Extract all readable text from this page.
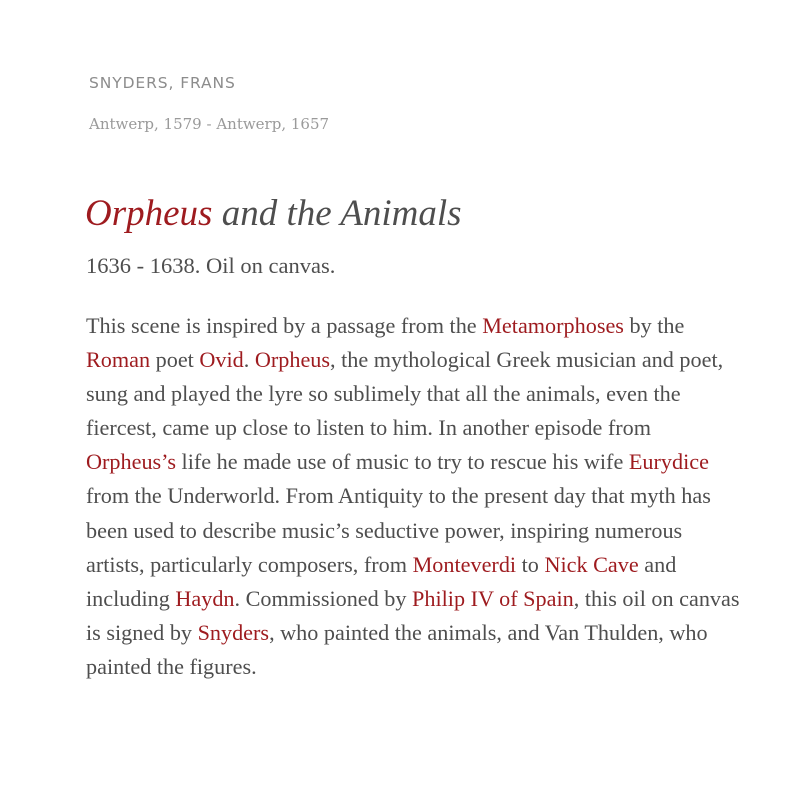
SNYDERS, FRANS
Antwerp, 1579 - Antwerp, 1657
Orpheus and the Animals
1636 - 1638. Oil on canvas.

This scene is inspired by a passage from the Metamorphoses by the Roman poet Ovid. Orpheus, the mythological Greek musician and poet, sung and played the lyre so sublimely that all the animals, even the fiercest, came up close to listen to him. In another episode from Orpheus’s life he made use of music to try to rescue his wife Eurydice from the Underworld. From Antiquity to the present day that myth has been used to describe music’s seductive power, inspiring numerous artists, particularly composers, from Monteverdi to Nick Cave and including Haydn. Commissioned by Philip IV of Spain, this oil on canvas is signed by Snyders, who painted the animals, and Van Thulden, who painted the figures.
